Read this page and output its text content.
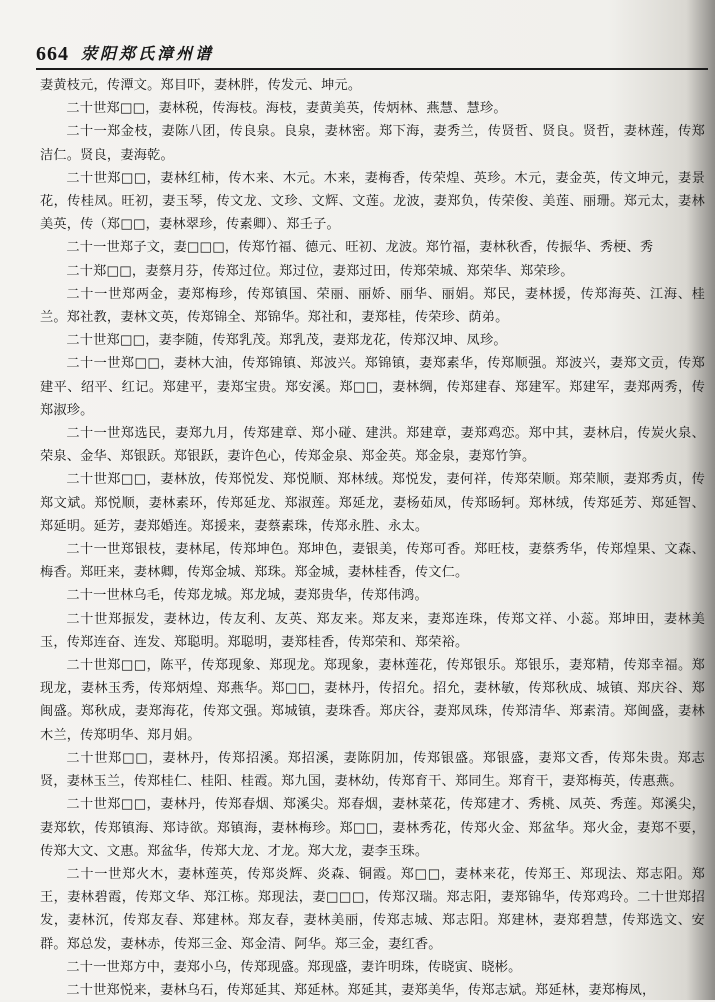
664 荥阳郑氏漳州谱

妻黄枝元，传潭文。郑目吓，妻林胖，传发元、坤元。

二十世郑□□，妻林税，传海枝。海枝，妻黄美英，传炳林、燕慧、慧珍。

二十一郑金枝，妻陈八团，传良泉。良泉，妻林密。郑下海，妻秀兰，传贤哲、贤良。贤哲，妻林莲，传郑洁仁。贤良，妻海乾。

二十世郑□□，妻林红柿，传木来、木元。木来，妻梅香，传荣煌、英珍。木元，妻金英，传文坤元，妻景花，传桂凤。旺初，妻玉琴，传文龙、文珍、文辉、文莲。龙波，妻郑负，传荣俊、美莲、丽珊。郑元太，妻林美英，传（郑□□，妻林翠珍，传素卿）、郑壬子。

二十一世郑子文，妻□□□，传郑竹福、德元、旺初、龙波。郑竹福，妻林秋香，传振华、秀梗、秀

二十郑□□，妻蔡月芬，传郑过位。郑过位，妻郑过田，传郑荣城、郑荣华、郑荣珍。

二十一世郑两金，妻郑梅珍，传郑镇国、荣丽、丽娇、丽华、丽娟。郑民，妻林援，传郑海英、江海、桂兰。郑社教，妻林文英，传郑锦全、郑锦华。郑社和，妻郑桂，传荣珍、荫弟。

二十世郑□□，妻李随，传郑乳茂。郑乳茂，妻郑龙花，传郑汉坤、凤珍。

二十一世郑□□，妻林大油，传郑锦镇、郑波兴。郑锦镇，妻郑素华，传郑顺强。郑波兴，妻郑文贡，传郑建平、绍平、红记。郑建平，妻郑宝贵。郑安溪。郑□□，妻林绸，传郑建春、郑建军。郑建军，妻郑两秀，传郑淑珍。

二十一世郑选民，妻郑九月，传郑建章、郑小碰、建洪。郑建章，妻郑鸡恋。郑中其，妻林启，传炭火泉、荣泉、金华、郑银跃。郑银跃，妻许色心，传郑金泉、郑金英。郑金泉，妻郑竹笋。

二十世郑□□，妻林放，传郑悦发、郑悦顺、郑林绒。郑悦发，妻何祥，传郑荣顺。郑荣顺，妻郑秀贞，传郑文斌。郑悦顺，妻林素环，传郑延龙、郑淑莲。郑延龙，妻杨茹凤，传郑旸轲。郑林绒，传郑延芳、郑延智、郑延明。延芳，妻郑婚连。郑援来，妻蔡素珠，传郑永胜、永太。

二十一世郑银枝，妻林尾，传郑坤色。郑坤色，妻银美，传郑可香。郑旺枝，妻蔡秀华，传郑煌果、文森、梅香。郑旺来，妻林卿，传郑金城、郑珠。郑金城，妻林桂香，传文仁。

二十一世林乌毛，传郑龙城。郑龙城，妻郑贵华，传郑伟鸿。

二十世郑振发，妻林边，传友利、友英、郑友来。郑友来，妻郑连珠，传郑文祥、小蕊。郑坤田，妻林美玉，传郑连奋、连发、郑聪明。郑聪明，妻郑桂香，传郑荣和、郑荣裕。

二十世郑□□，陈平，传郑现象、郑现龙。郑现象，妻林莲花，传郑银乐。郑银乐，妻郑精，传郑幸福。郑现龙，妻林玉秀，传郑炳煌、郑燕华。郑□□，妻林丹，传招允。招允，妻林敏，传郑秋成、城镇、郑庆谷、郑闽盛。郑秋成，妻郑海花，传郑文强。郑城镇，妻珠香。郑庆谷，妻郑凤珠，传郑清华、郑素清。郑闽盛，妻林木兰，传郑明华、郑月娟。

二十世郑□□，妻林丹，传郑招溪。郑招溪，妻陈阴加，传郑银盛。郑银盛，妻郑文香，传郑朱贵。郑志贤，妻林玉兰，传郑桂仁、桂阳、桂霞。郑九国，妻林幼，传郑育干、郑同生。郑育干，妻郑梅英，传惠燕。

二十世郑□□，妻林丹，传郑春烟、郑溪尖。郑春烟，妻林菜花，传郑建才、秀桃、凤英、秀莲。郑溪尖，妻郑软，传郑镇海、郑诗欲。郑镇海，妻林梅珍。郑□□，妻林秀花，传郑火金、郑盆华。郑火金，妻郑不要，传郑大文、文惠。郑盆华，传郑大龙、才龙。郑大龙，妻李玉珠。

二十一世郑火木，妻林莲英，传郑炎辉、炎森、铜霞。郑□□，妻林来花，传郑王、郑现法、郑志阳。郑王，妻林碧霞，传郑文华、郑江栋。郑现法，妻□□□，传郑汉瑞。郑志阳，妻郑锦华，传郑鸡玲。二十世郑招发，妻林沉，传郑友春、郑建林。郑友春，妻林美丽，传郑志城、郑志阳。郑建林，妻郑碧慧，传郑选文、安群。郑总发，妻林赤，传郑三金、郑金清、阿华。郑三金，妻红香。

二十一世郑方中，妻郑小乌，传郑现盛。郑现盛，妻许明珠，传晓寅、晓彬。

二十世郑悦来，妻林乌石，传郑延其、郑延林。郑延其，妻郑美华，传郑志斌。郑延林，妻郑梅凤，
